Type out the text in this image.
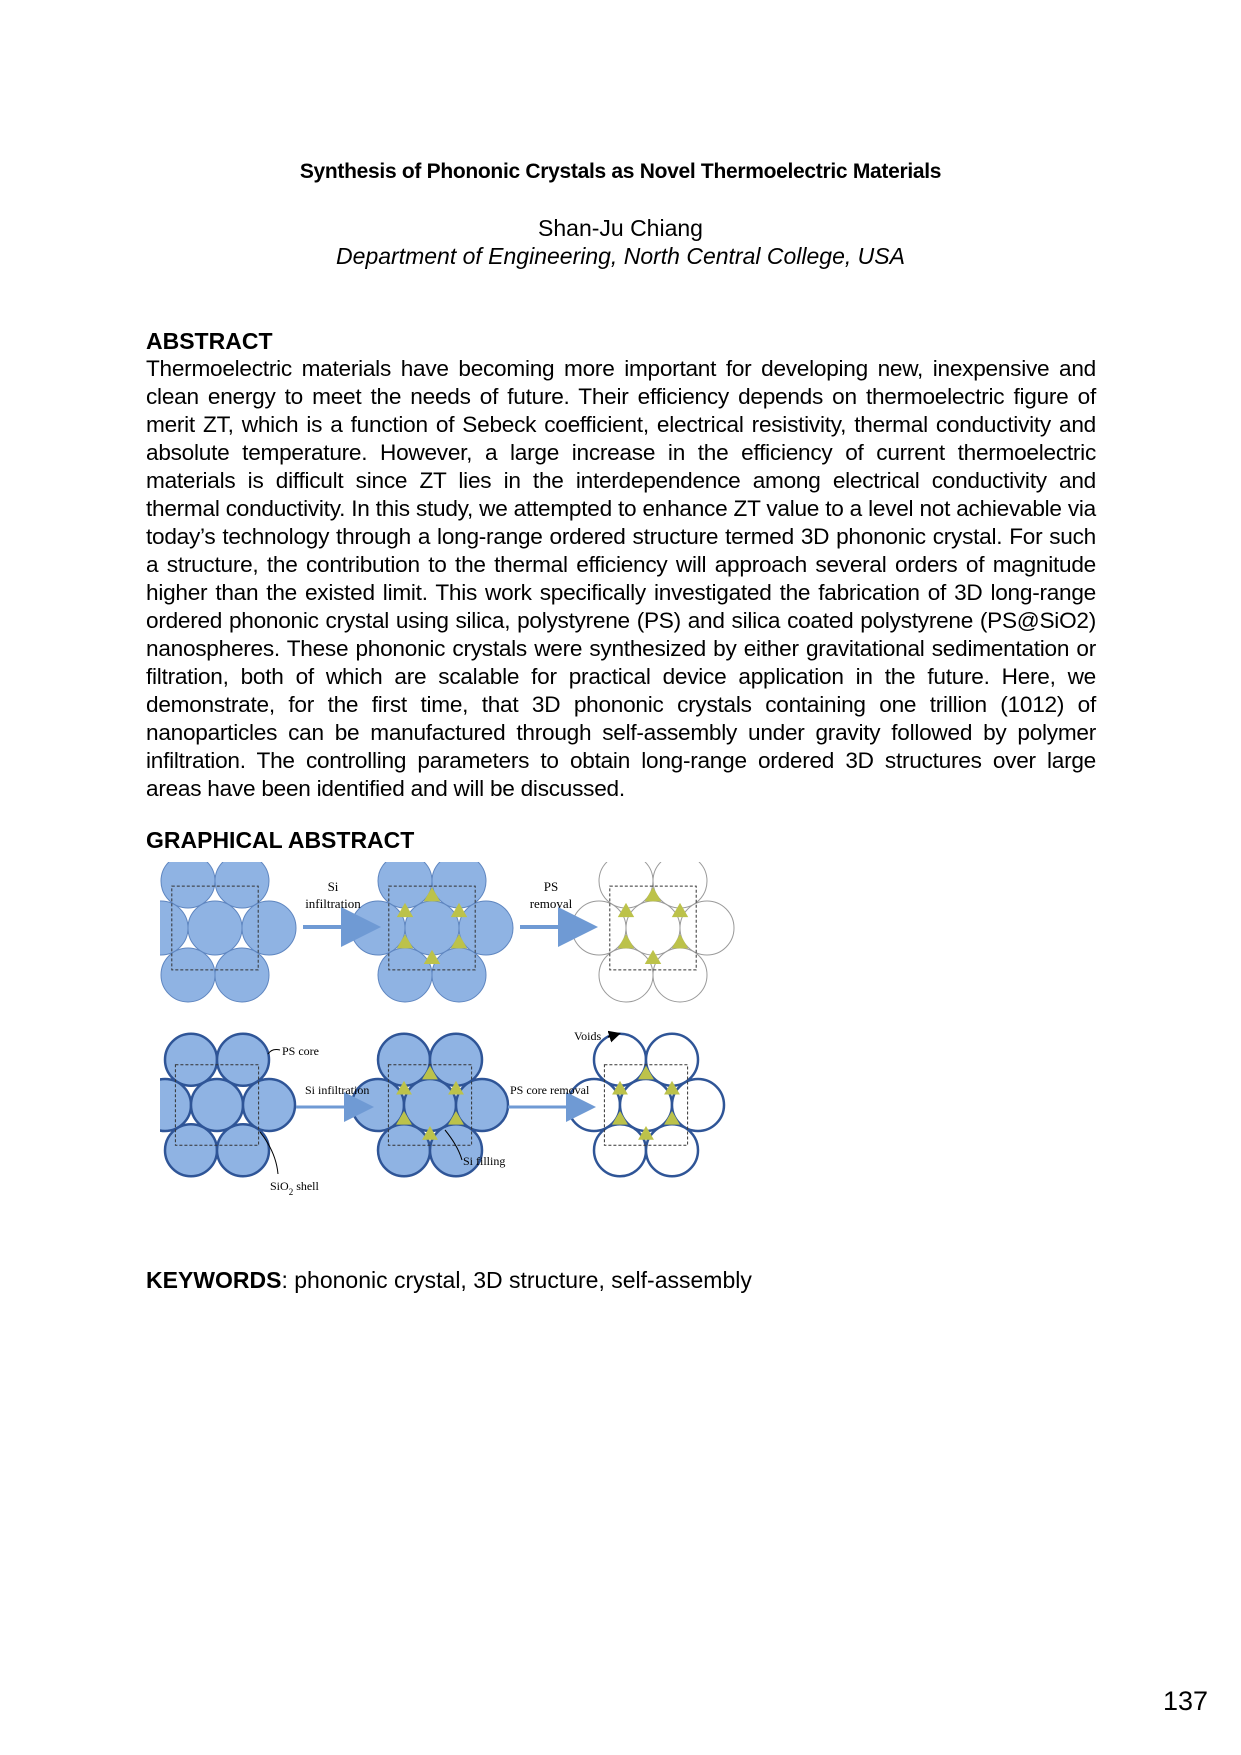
Synthesis of Phononic Crystals as Novel Thermoelectric Materials
Shan-Ju Chiang
Department of Engineering, North Central College, USA
ABSTRACT

Thermoelectric materials have becoming more important for developing new, inexpensive and clean energy to meet the needs of future. Their efficiency depends on thermoelectric figure of merit ZT, which is a function of Sebeck coefficient, electrical resistivity, thermal conductivity and absolute temperature. However, a large increase in the efficiency of current thermoelectric materials is difficult since ZT lies in the interdependence among electrical conductivity and thermal conductivity. In this study, we attempted to enhance ZT value to a level not achievable via today’s technology through a long-range ordered structure termed 3D phononic crystal. For such a structure, the contribution to the thermal efficiency will approach several orders of magnitude higher than the existed limit. This work specifically investigated the fabrication of 3D long-range ordered phononic crystal using silica, polystyrene (PS) and silica coated polystyrene (PS@SiO2) nanospheres. These phononic crystals were synthesized by either gravitational sedimentation or filtration, both of which are scalable for practical device application in the future. Here, we demonstrate, for the first time, that 3D phononic crystals containing one trillion (1012) of nanoparticles can be manufactured through self-assembly under gravity followed by polymer infiltration. The controlling parameters to obtain long-range ordered 3D structures over large areas have been identified and will be discussed.

GRAPHICAL ABSTRACT
Si
infiltration
PS
removal
Si infiltration	PS core removal
PS core
Voids
Si filling
SiO$_2$ shell
KEYWORDS: phononic crystal, 3D structure, self-assembly
137
